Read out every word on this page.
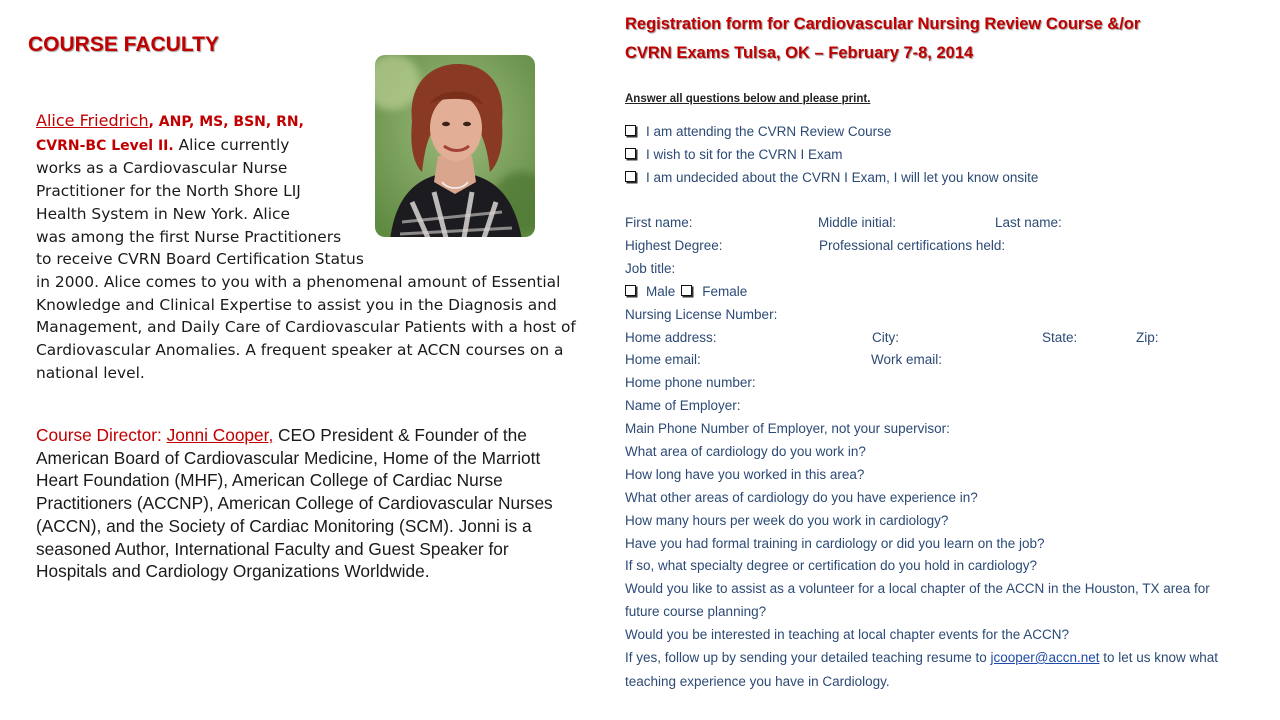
COURSE FACULTY
Alice Friedrich, ANP, MS, BSN, RN,
CVRN-BC Level II. Alice currently
works as a Cardiovascular Nurse
Practitioner for the North Shore LIJ
Health System in New York. Alice
was among the first Nurse Practitioners
to receive CVRN Board Certification Status
in 2000. Alice comes to you with a phenomenal amount of Essential
Knowledge and Clinical Expertise to assist you in the Diagnosis and
Management, and Daily Care of Cardiovascular Patients with a host of
Cardiovascular Anomalies. A frequent speaker at ACCN courses on a
national level.
Course Director: Jonni Cooper, CEO President & Founder of the
American Board of Cardiovascular Medicine, Home of the Marriott
Heart Foundation (MHF), American College of Cardiac Nurse
Practitioners (ACCNP), American College of Cardiovascular Nurses
(ACCN), and the Society of Cardiac Monitoring (SCM). Jonni is a
seasoned Author, International Faculty and Guest Speaker for
Hospitals and Cardiology Organizations Worldwide.
Registration form for Cardiovascular Nursing Review Course &/or
CVRN Exams Tulsa, OK – February 7-8, 2014
Answer all questions below and please print.
I am attending the CVRN Review Course
I wish to sit for the CVRN I Exam
I am undecided about the CVRN I Exam, I will let you know onsite
First name:	Middle initial:	Last name:
Highest Degree:	Professional certifications held:
Job title:
Male Female
Nursing License Number:
Home address:	City:	State:	Zip:
Home email:	Work email:
Home phone number:
Name of Employer:
Main Phone Number of Employer, not your supervisor:
What area of cardiology do you work in?
How long have you worked in this area?
What other areas of cardiology do you have experience in?
How many hours per week do you work in cardiology?
Have you had formal training in cardiology or did you learn on the job?
If so, what specialty degree or certification do you hold in cardiology?
Would you like to assist as a volunteer for a local chapter of the ACCN in the Houston, TX area for
future course planning?
Would you be interested in teaching at local chapter events for the ACCN?
If yes, follow up by sending your detailed teaching resume to jcooper@accn.net to let us know what
teaching experience you have in Cardiology.
